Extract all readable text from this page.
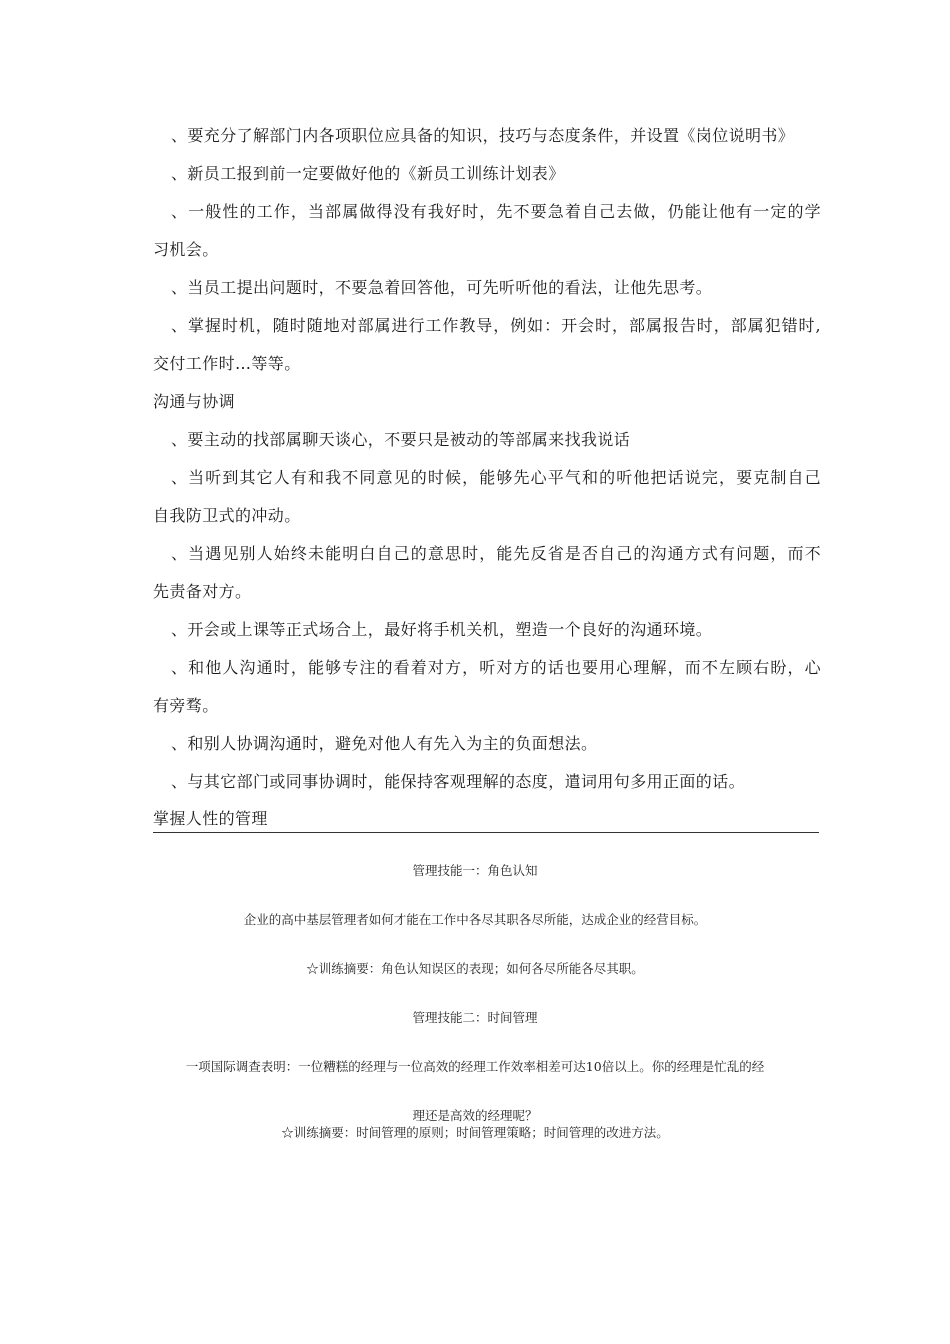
、要充分了解部门内各项职位应具备的知识，技巧与态度条件，并设置《岗位说明书》
、新员工报到前一定要做好他的《新员工训练计划表》
、一般性的工作，当部属做得没有我好时，先不要急着自己去做，仍能让他有一定的学
习机会。
、当员工提出问题时，不要急着回答他，可先听听他的看法，让他先思考。
、掌握时机，随时随地对部属进行工作教导，例如：开会时，部属报告时，部属犯错时,
交付工作时…等等。
沟通与协调
、要主动的找部属聊天谈心，不要只是被动的等部属来找我说话
、当听到其它人有和我不同意见的时候，能够先心平气和的听他把话说完，要克制自己
自我防卫式的冲动。
、当遇见别人始终未能明白自己的意思时，能先反省是否自己的沟通方式有问题，而不
先责备对方。
、开会或上课等正式场合上，最好将手机关机，塑造一个良好的沟通环境。
、和他人沟通时，能够专注的看着对方，听对方的话也要用心理解，而不左顾右盼，心
有旁骛。
、和别人协调沟通时，避免对他人有先入为主的负面想法。
、与其它部门或同事协调时，能保持客观理解的态度，遣词用句多用正面的话。
掌握人性的管理
管理技能一：角色认知
企业的高中基层管理者如何才能在工作中各尽其职各尽所能，达成企业的经营目标。
☆训练摘要：角色认知误区的表现；如何各尽所能各尽其职。
管理技能二：时间管理
一项国际调查表明：一位糟糕的经理与一位高效的经理工作效率相差可达10倍以上。你的经理是忙乱的经
理还是高效的经理呢？
☆训练摘要：时间管理的原则；时间管理策略；时间管理的改进方法。
